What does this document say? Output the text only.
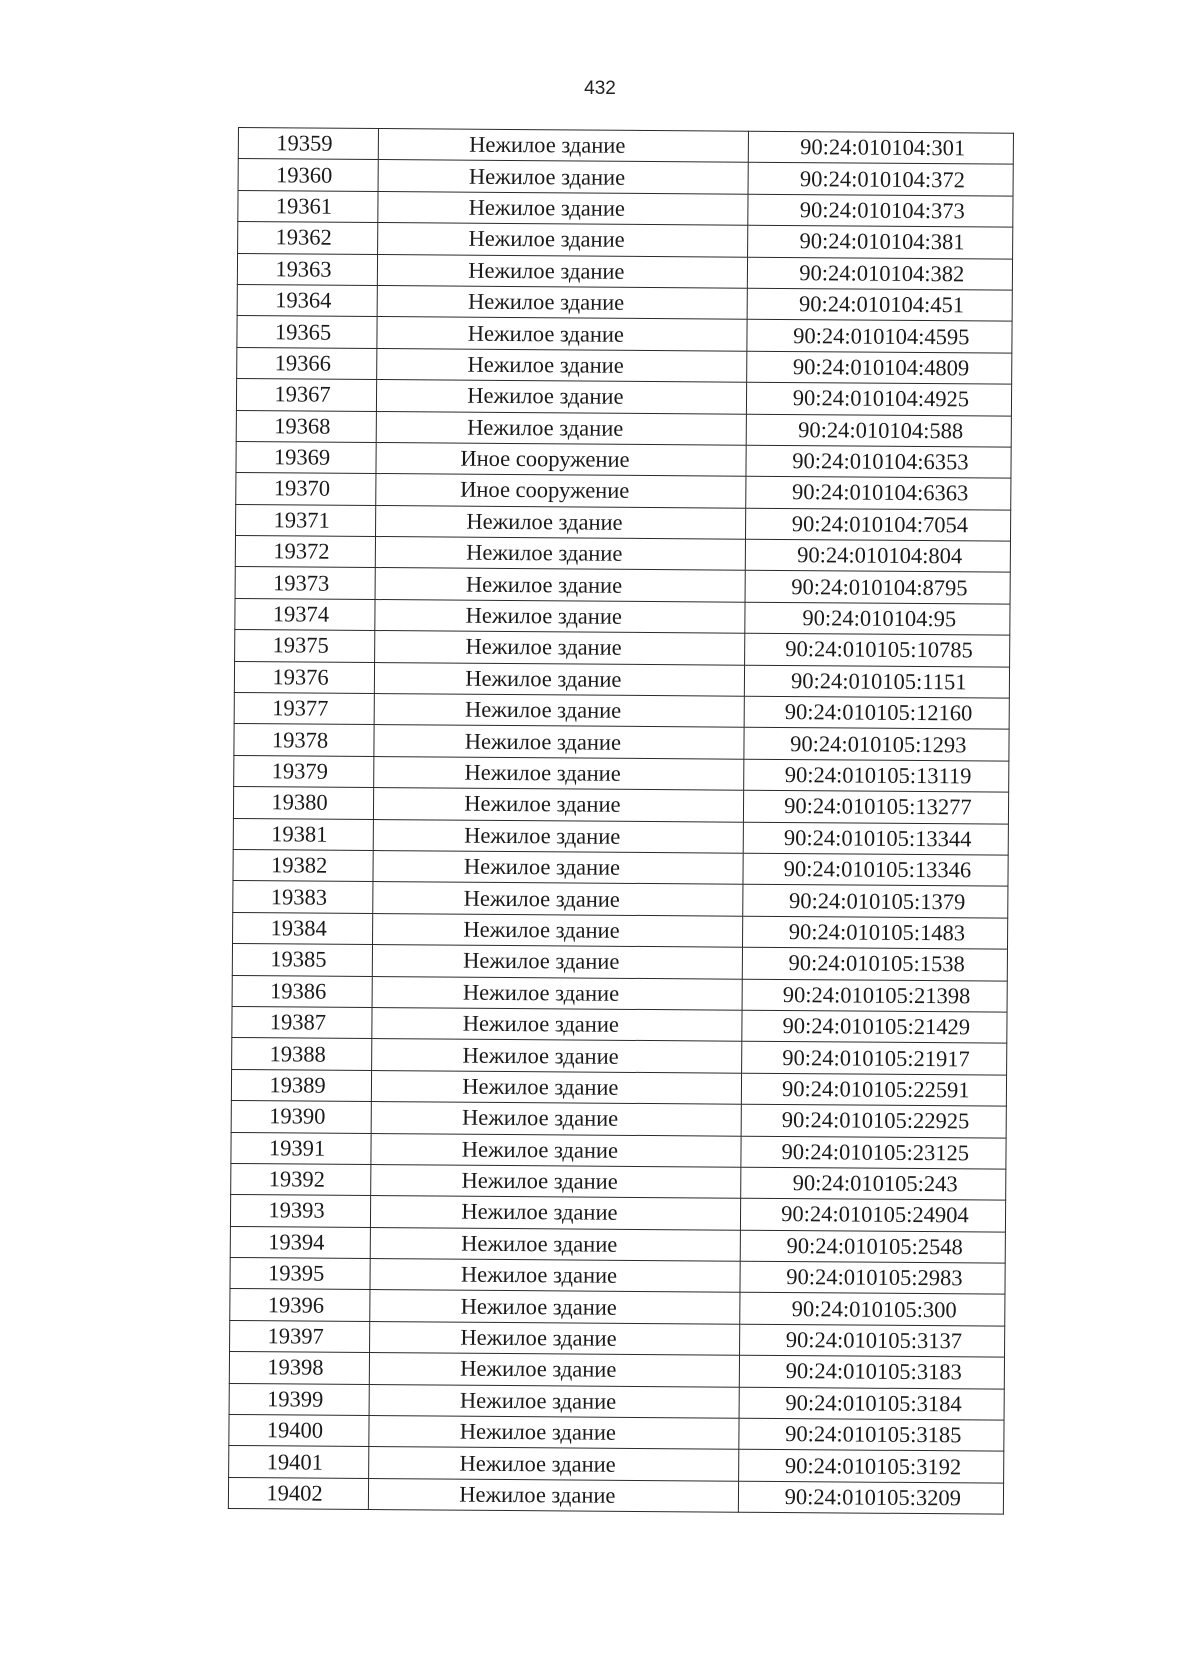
432
19359	Нежилое здание	90:24:010104:301
19360	Нежилое здание	90:24:010104:372
19361	Нежилое здание	90:24:010104:373
19362	Нежилое здание	90:24:010104:381
19363	Нежилое здание	90:24:010104:382
19364	Нежилое здание	90:24:010104:451
19365	Нежилое здание	90:24:010104:4595
19366	Нежилое здание	90:24:010104:4809
19367	Нежилое здание	90:24:010104:4925
19368	Нежилое здание	90:24:010104:588
19369	Иное сооружение	90:24:010104:6353
19370	Иное сооружение	90:24:010104:6363
19371	Нежилое здание	90:24:010104:7054
19372	Нежилое здание	90:24:010104:804
19373	Нежилое здание	90:24:010104:8795
19374	Нежилое здание	90:24:010104:95
19375	Нежилое здание	90:24:010105:10785
19376	Нежилое здание	90:24:010105:1151
19377	Нежилое здание	90:24:010105:12160
19378	Нежилое здание	90:24:010105:1293
19379	Нежилое здание	90:24:010105:13119
19380	Нежилое здание	90:24:010105:13277
19381	Нежилое здание	90:24:010105:13344
19382	Нежилое здание	90:24:010105:13346
19383	Нежилое здание	90:24:010105:1379
19384	Нежилое здание	90:24:010105:1483
19385	Нежилое здание	90:24:010105:1538
19386	Нежилое здание	90:24:010105:21398
19387	Нежилое здание	90:24:010105:21429
19388	Нежилое здание	90:24:010105:21917
19389	Нежилое здание	90:24:010105:22591
19390	Нежилое здание	90:24:010105:22925
19391	Нежилое здание	90:24:010105:23125
19392	Нежилое здание	90:24:010105:243
19393	Нежилое здание	90:24:010105:24904
19394	Нежилое здание	90:24:010105:2548
19395	Нежилое здание	90:24:010105:2983
19396	Нежилое здание	90:24:010105:300
19397	Нежилое здание	90:24:010105:3137
19398	Нежилое здание	90:24:010105:3183
19399	Нежилое здание	90:24:010105:3184
19400	Нежилое здание	90:24:010105:3185
19401	Нежилое здание	90:24:010105:3192
19402	Нежилое здание	90:24:010105:3209
